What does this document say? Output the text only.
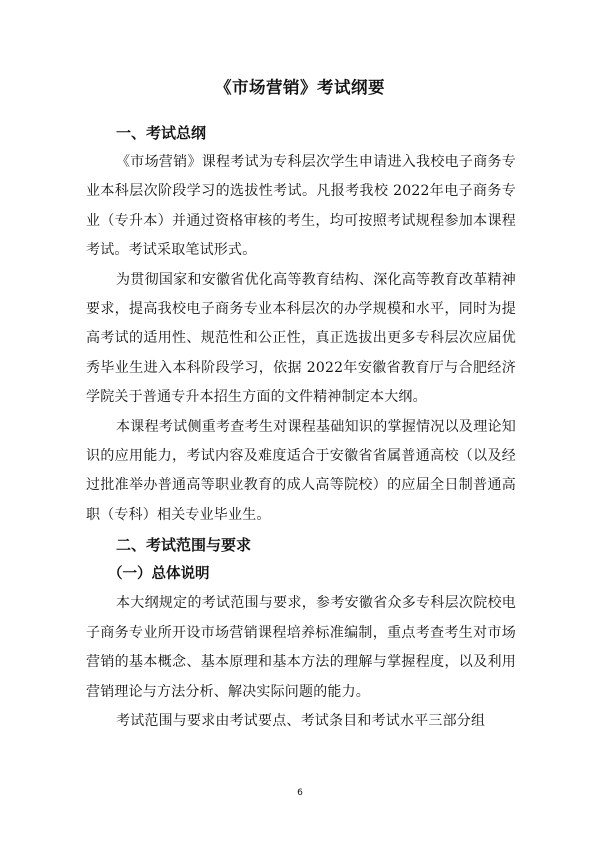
《市场营销》考试纲要
一、考试总纲

《市场营销》课程考试为专科层次学生申请进入我校电子商务专业本科层次阶段学习的选拔性考试。凡报考我校 2022年电子商务专业（专升本）并通过资格审核的考生，均可按照考试规程参加本课程考试。考试采取笔试形式。

为贯彻国家和安徽省优化高等教育结构、深化高等教育改革精神要求，提高我校电子商务专业本科层次的办学规模和水平，同时为提高考试的适用性、规范性和公正性，真正选拔出更多专科层次应届优秀毕业生进入本科阶段学习，依据 2022年安徽省教育厅与合肥经济学院关于普通专升本招生方面的文件精神制定本大纲。

本课程考试侧重考查考生对课程基础知识的掌握情况以及理论知识的应用能力，考试内容及难度适合于安徽省省属普通高校（以及经过批准举办普通高等职业教育的成人高等院校）的应届全日制普通高职（专科）相关专业毕业生。

二、考试范围与要求
（一）总体说明

本大纲规定的考试范围与要求，参考安徽省众多专科层次院校电子商务专业所开设市场营销课程培养标准编制，重点考查考生对市场营销的基本概念、基本原理和基本方法的理解与掌握程度，以及利用营销理论与方法分析、解决实际问题的能力。

考试范围与要求由考试要点、考试条目和考试水平三部分组

6
